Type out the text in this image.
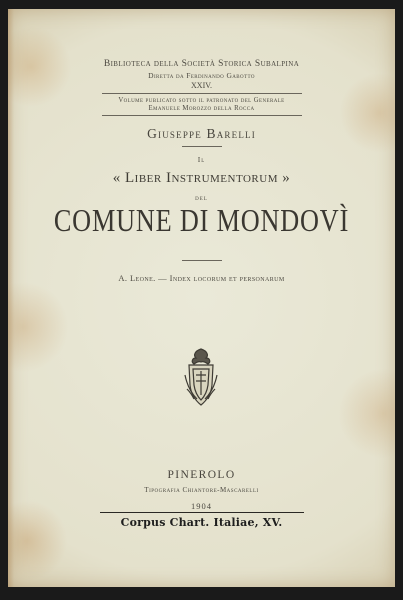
Biblioteca della Società Storica Subalpina
Diretta da Ferdinando Gabotto
XXIV.
Volume publicato sotto il patronato del Generale
Emanuele Morozzo della Rocca
Giuseppe Barelli
Il
« Liber Instrumentorum »
del
COMUNE DI MONDOVÌ
A. Leone. — Index locorum et personarum
PINEROLO
Tipografia Chiantore-Mascarelli
1904
Corpus Chart. Italiae, XV.
